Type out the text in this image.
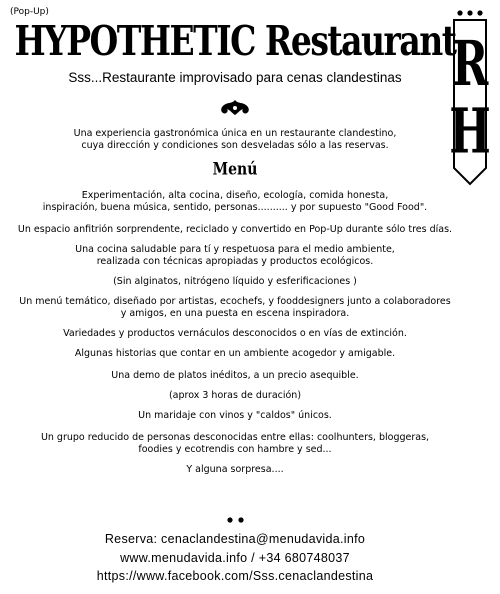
(Pop-Up)
HYPOTHETIC Restaurant
Sss...Restaurante improvisado para cenas clandestinas	R
H
Una experiencia gastronómica única en un restaurante clandestino,
cuya dirección y condiciones son desveladas sólo a las reservas.
Menú
Experimentación, alta cocina, diseño, ecología, comida honesta,
inspiración, buena música, sentido, personas.......... y por supuesto "Good Food".
Un espacio anfitrión sorprendente, reciclado y convertido en Pop-Up durante sólo tres días.
Una cocina saludable para tí y respetuosa para el medio ambiente,
realizada con técnicas apropiadas y productos ecológicos.
(Sin alginatos, nitrógeno líquido y esferificaciones )
Un menú temático, diseñado por artistas, ecochefs, y fooddesigners junto a colaboradores
y amigos, en una puesta en escena inspiradora.
Variedades y productos vernáculos desconocidos o en vías de extinción.
Algunas historias que contar en un ambiente acogedor y amigable.
Una demo de platos inéditos, a un precio asequible.
(aprox 3 horas de duración)
Un maridaje con vinos y "caldos" únicos.
Un grupo reducido de personas desconocidas entre ellas: coolhunters, bloggeras,
foodies y ecotrendis con hambre y sed...
Y alguna sorpresa....
Reserva: cenaclandestina@menudavida.info
www.menudavida.info / +34 680748037
https://www.facebook.com/Sss.cenaclandestina
